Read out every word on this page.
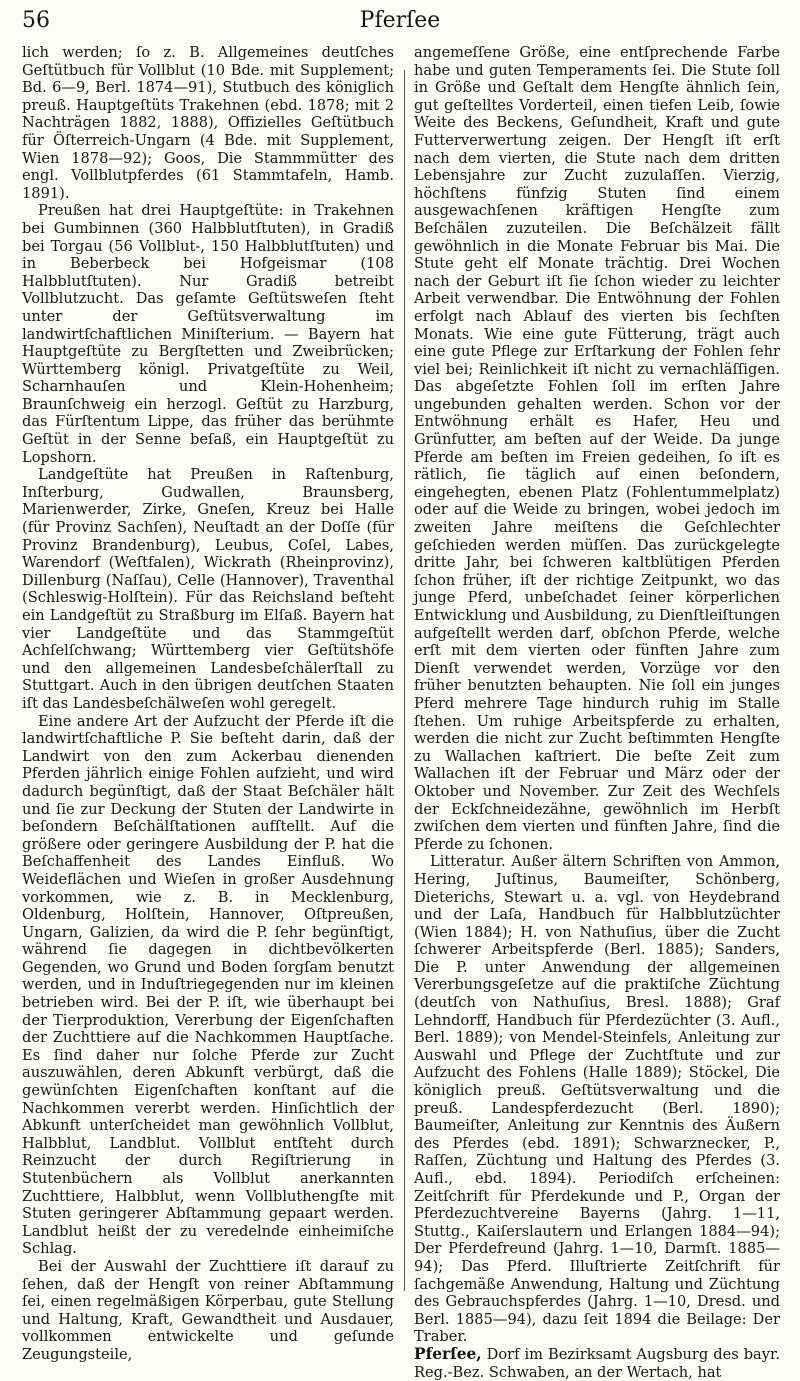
56	Pferſee

lich werden; ſo z. B. Allgemeines deutſches Geſtütbuch für Vollblut (10 Bde. mit Supplement; Bd. 6—9, Berl. 1874—91), Stutbuch des königlich preuß. Hauptgeſtüts Trakehnen (ebd. 1878; mit 2 Nachträgen 1882, 1888), Offizielles Geſtütbuch für Öſterreich-Ungarn (4 Bde. mit Supplement, Wien 1878—92); Goos, Die Stammmütter des engl. Vollblutpferdes (61 Stammtafeln, Hamb. 1891).

Preußen hat drei Hauptgeſtüte: in Trakehnen bei Gumbinnen (360 Halbblutſtuten), in Gradiß bei Torgau (56 Vollblut-, 150 Halbblutſtuten) und in Beberbeck bei Hofgeismar (108 Halbblutſtuten). Nur Gradiß betreibt Vollblutzucht. Das geſamte Geſtütsweſen ſteht unter der Geſtütsverwaltung im landwirtſchaftlichen Miniſterium. — Bayern hat Hauptgeſtüte zu Bergſtetten und Zweibrücken; Württemberg königl. Privatgeſtüte zu Weil, Scharnhauſen und Klein-Hohenheim; Braunſchweig ein herzogl. Geſtüt zu Harzburg, das Fürſtentum Lippe, das früher das berühmte Geſtüt in der Senne beſaß, ein Hauptgeſtüt zu Lopshorn.

Landgeſtüte hat Preußen in Raſtenburg, Inſterburg, Gudwallen, Braunsberg, Marienwerder, Zirke, Gneſen, Kreuz bei Halle (für Provinz Sachſen), Neuſtadt an der Doſſe (für Provinz Brandenburg), Leubus, Coſel, Labes, Warendorf (Weſtfalen), Wickrath (Rheinprovinz), Dillenburg (Naſſau), Celle (Hannover), Traventhal (Schleswig-Holſtein). Für das Reichsland beſteht ein Landgeſtüt zu Straßburg im Elſaß. Bayern hat vier Landgeſtüte und das Stammgeſtüt Achſelſchwang; Württemberg vier Geſtütshöfe und den allgemeinen Landesbeſchälerſtall zu Stuttgart. Auch in den übrigen deutſchen Staaten iſt das Landesbeſchälweſen wohl geregelt.

Eine andere Art der Aufzucht der Pferde iſt die landwirtſchaftliche P. Sie beſteht darin, daß der Landwirt von den zum Ackerbau dienenden Pferden jährlich einige Fohlen aufzieht, und wird dadurch begünſtigt, daß der Staat Beſchäler hält und ſie zur Deckung der Stuten der Landwirte in beſondern Beſchälſtationen aufſtellt. Auf die größere oder geringere Ausbildung der P. hat die Beſchaffenheit des Landes Einfluß. Wo Weideflächen und Wieſen in großer Ausdehnung vorkommen, wie z. B. in Mecklenburg, Oldenburg, Holſtein, Hannover, Oſtpreußen, Ungarn, Galizien, da wird die P. ſehr begünſtigt, während ſie dagegen in dichtbevölkerten Gegenden, wo Grund und Boden ſorgſam benutzt werden, und in Induſtriegegenden nur im kleinen betrieben wird. Bei der P. iſt, wie überhaupt bei der Tierproduktion, Vererbung der Eigenſchaften der Zuchttiere auf die Nachkommen Hauptſache. Es ſind daher nur ſolche Pferde zur Zucht auszuwählen, deren Abkunft verbürgt, daß die gewünſchten Eigenſchaften konſtant auf die Nachkommen vererbt werden. Hinſichtlich der Abkunft unterſcheidet man gewöhnlich Vollblut, Halbblut, Landblut. Vollblut entſteht durch Reinzucht der durch Regiſtrierung in Stutenbüchern als Vollblut anerkannten Zuchttiere, Halbblut, wenn Vollbluthengſte mit Stuten geringerer Abſtammung gepaart werden. Landblut heißt der zu veredelnde einheimiſche Schlag.

Bei der Auswahl der Zuchttiere iſt darauf zu ſehen, daß der Hengſt von reiner Abſtammung ſei, einen regelmäßigen Körperbau, gute Stellung und Haltung, Kraft, Gewandtheit und Ausdauer, vollkommen entwickelte und geſunde Zeugungsteile,

angemeſſene Größe, eine entſprechende Farbe habe und guten Temperaments ſei. Die Stute ſoll in Größe und Geſtalt dem Hengſte ähnlich ſein, gut geſtelltes Vorderteil, einen tiefen Leib, ſowie Weite des Beckens, Geſundheit, Kraft und gute Futterverwertung zeigen. Der Hengſt iſt erſt nach dem vierten, die Stute nach dem dritten Lebensjahre zur Zucht zuzulaſſen. Vierzig, höchſtens fünfzig Stuten ſind einem ausgewachſenen kräftigen Hengſte zum Beſchälen zuzuteilen. Die Beſchälzeit fällt gewöhnlich in die Monate Februar bis Mai. Die Stute geht elf Monate trächtig. Drei Wochen nach der Geburt iſt ſie ſchon wieder zu leichter Arbeit verwendbar. Die Entwöhnung der Fohlen erfolgt nach Ablauf des vierten bis ſechſten Monats. Wie eine gute Fütterung, trägt auch eine gute Pflege zur Erſtarkung der Fohlen ſehr viel bei; Reinlichkeit iſt nicht zu vernachläſſigen. Das abgeſetzte Fohlen ſoll im erſten Jahre ungebunden gehalten werden. Schon vor der Entwöhnung erhält es Hafer, Heu und Grünfutter, am beſten auf der Weide. Da junge Pferde am beſten im Freien gedeihen, ſo iſt es rätlich, ſie täglich auf einen beſondern, eingehegten, ebenen Platz (Fohlentummelplatz) oder auf die Weide zu bringen, wobei jedoch im zweiten Jahre meiſtens die Geſchlechter geſchieden werden müſſen. Das zurückgelegte dritte Jahr, bei ſchweren kaltblütigen Pferden ſchon früher, iſt der richtige Zeitpunkt, wo das junge Pferd, unbeſchadet ſeiner körperlichen Entwicklung und Ausbildung, zu Dienſtleiſtungen aufgeſtellt werden darf, obſchon Pferde, welche erſt mit dem vierten oder fünften Jahre zum Dienſt verwendet werden, Vorzüge vor den früher benutzten behaupten. Nie ſoll ein junges Pferd mehrere Tage hindurch ruhig im Stalle ſtehen. Um ruhige Arbeitspferde zu erhalten, werden die nicht zur Zucht beſtimmten Hengſte zu Wallachen kaſtriert. Die beſte Zeit zum Wallachen iſt der Februar und März oder der Oktober und November. Zur Zeit des Wechſels der Eckſchneidezähne, gewöhnlich im Herbſt zwiſchen dem vierten und fünften Jahre, ſind die Pferde zu ſchonen.

Litteratur. Außer ältern Schriften von Ammon, Hering, Juſtinus, Baumeiſter, Schönberg, Dieterichs, Stewart u. a. vgl. von Heydebrand und der Laſa, Handbuch für Halbblutzüchter (Wien 1884); H. von Nathuſius, über die Zucht ſchwerer Arbeitspferde (Berl. 1885); Sanders, Die P. unter Anwendung der allgemeinen Vererbungsgeſetze auf die praktiſche Züchtung (deutſch von Nathuſius, Bresl. 1888); Graf Lehndorff, Handbuch für Pferdezüchter (3. Aufl., Berl. 1889); von Mendel-Steinfels, Anleitung zur Auswahl und Pflege der Zuchtſtute und zur Aufzucht des Fohlens (Halle 1889); Stöckel, Die königlich preuß. Geſtütsverwaltung und die preuß. Landespferdezucht (Berl. 1890); Baumeiſter, Anleitung zur Kenntnis des Äußern des Pferdes (ebd. 1891); Schwarznecker, P., Raſſen, Züchtung und Haltung des Pferdes (3. Aufl., ebd. 1894). Periodiſch erſcheinen: Zeitſchrift für Pferdekunde und P., Organ der Pferdezuchtvereine Bayerns (Jahrg. 1—11, Stuttg., Kaiſerslautern und Erlangen 1884—94); Der Pferdefreund (Jahrg. 1—10, Darmſt. 1885—94); Das Pferd. Illuſtrierte Zeitſchrift für ſachgemäße Anwendung, Haltung und Züchtung des Gebrauchspferdes (Jahrg. 1—10, Dresd. und Berl. 1885—94), dazu ſeit 1894 die Beilage: Der Traber.

Pferſee, Dorf im Bezirksamt Augsburg des bayr. Reg.-Bez. Schwaben, an der Wertach, hat
